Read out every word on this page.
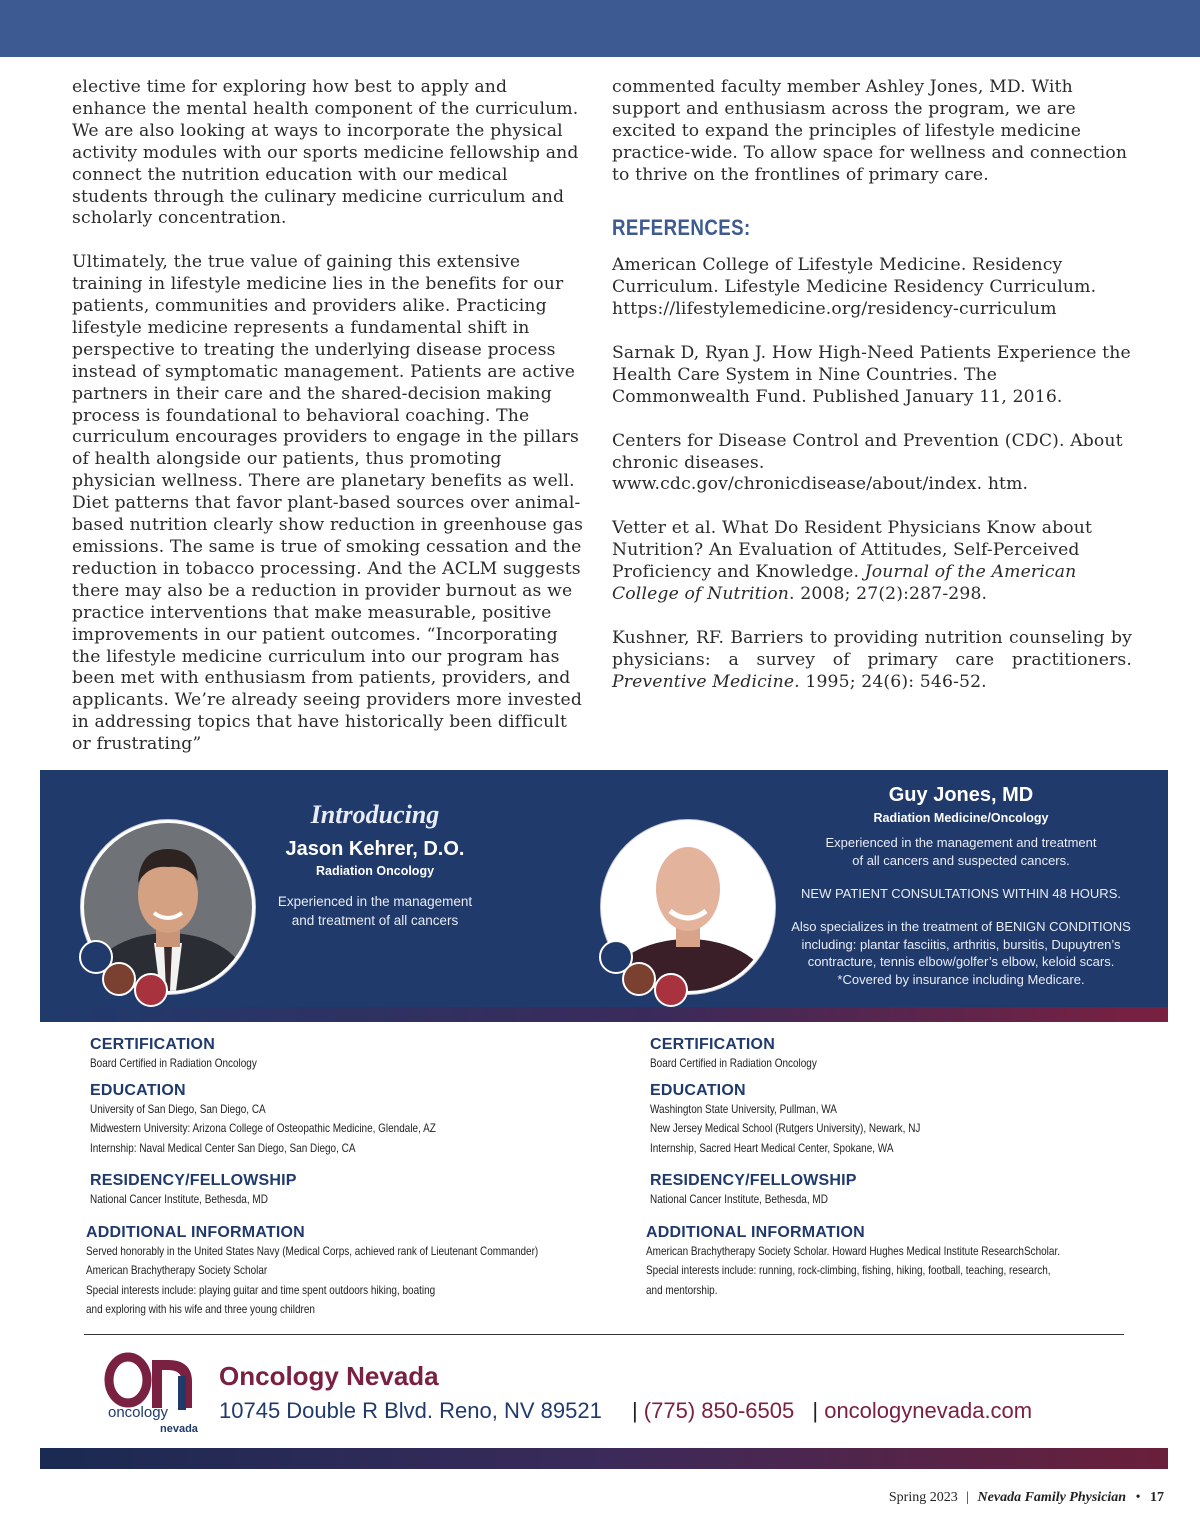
elective time for exploring how best to apply and enhance the mental health component of the curriculum. We are also looking at ways to incorporate the physical activity modules with our sports medicine fellowship and connect the nutrition education with our medical students through the culinary medicine curriculum and scholarly concentration.

Ultimately, the true value of gaining this extensive training in lifestyle medicine lies in the benefits for our patients, communities and providers alike. Practicing lifestyle medicine represents a fundamental shift in perspective to treating the underlying disease process instead of symptomatic management. Patients are active partners in their care and the shared-decision making process is foundational to behavioral coaching. The curriculum encourages providers to engage in the pillars of health alongside our patients, thus promoting physician wellness. There are planetary benefits as well. Diet patterns that favor plant-based sources over animal-based nutrition clearly show reduction in greenhouse gas emissions. The same is true of smoking cessation and the reduction in tobacco processing. And the ACLM suggests there may also be a reduction in provider burnout as we practice interventions that make measurable, positive improvements in our patient outcomes. “Incorporating the lifestyle medicine curriculum into our program has been met with enthusiasm from patients, providers, and applicants. We’re already seeing providers more invested in addressing topics that have historically been difficult or frustrating”

commented faculty member Ashley Jones, MD. With support and enthusiasm across the program, we are excited to expand the principles of lifestyle medicine practice-wide. To allow space for wellness and connection to thrive on the frontlines of primary care.

REFERENCES:
American College of Lifestyle Medicine. Residency Curriculum. Lifestyle Medicine Residency Curriculum. https://lifestylemedicine.org/residency-curriculum
Sarnak D, Ryan J. How High-Need Patients Experience the Health Care System in Nine Countries. The Commonwealth Fund. Published January 11, 2016.
Centers for Disease Control and Prevention (CDC). About chronic diseases. www.cdc.gov/chronicdisease/about/index. htm.
Vetter et al. What Do Resident Physicians Know about Nutrition? An Evaluation of Attitudes, Self-Perceived Proficiency and Knowledge. Journal of the American College of Nutrition. 2008; 27(2):287-298.
Kushner, RF. Barriers to providing nutrition counseling by physicians: a survey of primary care practitioners. Preventive Medicine. 1995; 24(6): 546-52.
Introducing
Jason Kehrer, D.O.
Radiation Oncology
Experienced in the management
and treatment of all cancers
Guy Jones, MD
Radiation Medicine/Oncology
Experienced in the management and treatment
of all cancers and suspected cancers.
NEW PATIENT CONSULTATIONS WITHIN 48 HOURS.
Also specializes in the treatment of BENIGN CONDITIONS
including: plantar fasciitis, arthritis, bursitis, Dupuytren’s
contracture, tennis elbow/golfer’s elbow, keloid scars.
*Covered by insurance including Medicare.
CERTIFICATION
Board Certified in Radiation Oncology
EDUCATION
University of San Diego, San Diego, CA
Midwestern University: Arizona College of Osteopathic Medicine, Glendale, AZ
Internship: Naval Medical Center San Diego, San Diego, CA
RESIDENCY/FELLOWSHIP
National Cancer Institute, Bethesda, MD
ADDITIONAL INFORMATION
Served honorably in the United States Navy (Medical Corps, achieved rank of Lieutenant Commander)
American Brachytherapy Society Scholar
Special interests include: playing guitar and time spent outdoors hiking, boating
and exploring with his wife and three young children
CERTIFICATION
Board Certified in Radiation Oncology
EDUCATION
Washington State University, Pullman, WA
New Jersey Medical School (Rutgers University), Newark, NJ
Internship, Sacred Heart Medical Center, Spokane, WA
RESIDENCY/FELLOWSHIP
National Cancer Institute, Bethesda, MD
ADDITIONAL INFORMATION
American Brachytherapy Society Scholar. Howard Hughes Medical Institute ResearchScholar.
Special interests include: running, rock-climbing, fishing, hiking, football, teaching, research,
and mentorship.
oncology
nevada
Oncology Nevada
10745 Double R Blvd. Reno, NV 89521 | (775) 850-6505 | oncologynevada.com
Spring 2023 | Nevada Family Physician • 17
